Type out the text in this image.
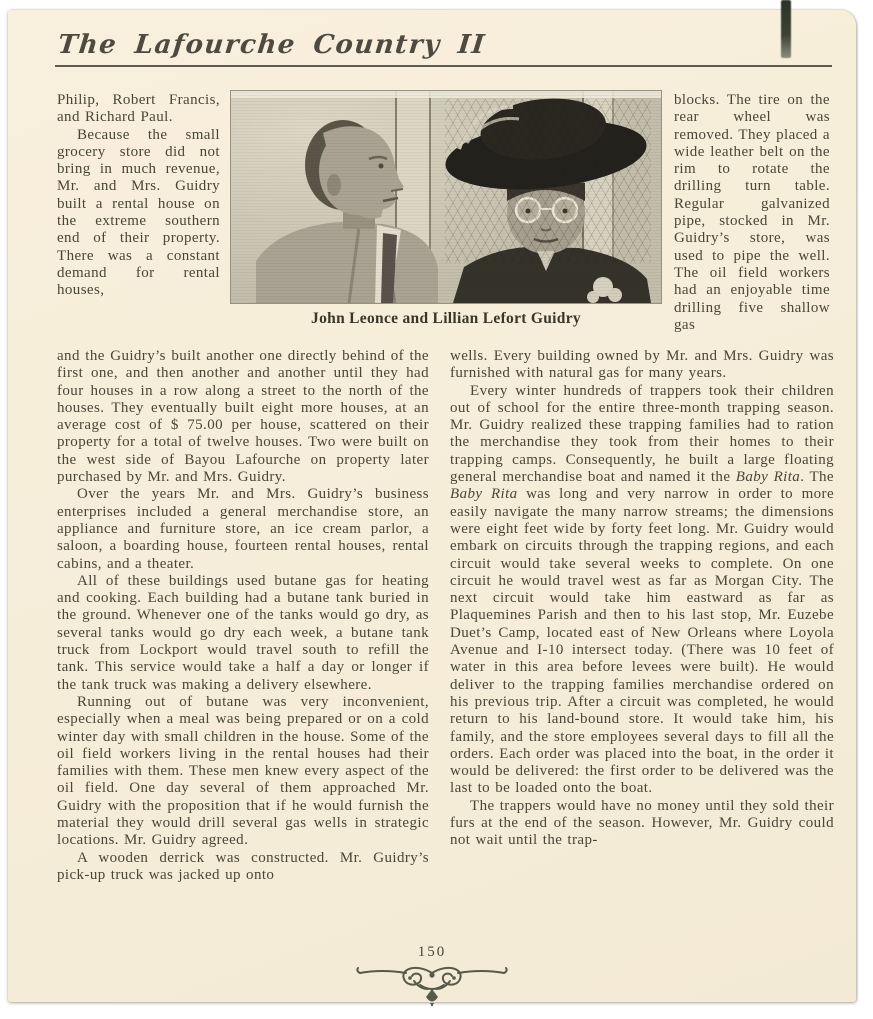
The Lafourche Country II

Philip, Robert Francis, and Richard Paul.

Because the small grocery store did not bring in much revenue, Mr. and Mrs. Guidry built a rental house on the extreme southern end of their property. There was a constant demand for rental houses,

John Leonce and Lillian Lefort Guidry

blocks. The tire on the rear wheel was removed. They placed a wide leather belt on the rim to rotate the drilling turn table. Regular galvanized pipe, stocked in Mr. Guidry’s store, was used to pipe the well. The oil field workers had an enjoyable time drilling five shallow gas

and the Guidry’s built another one directly behind of the first one, and then another and another until they had four houses in a row along a street to the north of the houses. They eventually built eight more houses, at an average cost of $ 75.00 per house, scattered on their property for a total of twelve houses. Two were built on the west side of Bayou Lafourche on property later purchased by Mr. and Mrs. Guidry.

Over the years Mr. and Mrs. Guidry’s business enterprises included a general merchandise store, an appliance and furniture store, an ice cream parlor, a saloon, a boarding house, fourteen rental houses, rental cabins, and a theater.

All of these buildings used butane gas for heating and cooking. Each building had a butane tank buried in the ground. Whenever one of the tanks would go dry, as several tanks would go dry each week, a butane tank truck from Lockport would travel south to refill the tank. This service would take a half a day or longer if the tank truck was making a delivery elsewhere.

Running out of butane was very inconvenient, especially when a meal was being prepared or on a cold winter day with small children in the house. Some of the oil field workers living in the rental houses had their families with them. These men knew every aspect of the oil field. One day several of them approached Mr. Guidry with the proposition that if he would furnish the material they would drill several gas wells in strategic locations. Mr. Guidry agreed.

A wooden derrick was constructed. Mr. Guidry’s pick-up truck was jacked up onto

wells. Every building owned by Mr. and Mrs. Guidry was furnished with natural gas for many years.

Every winter hundreds of trappers took their children out of school for the entire three-month trapping season. Mr. Guidry realized these trapping families had to ration the merchandise they took from their homes to their trapping camps. Consequently, he built a large floating general merchandise boat and named it the Baby Rita. The Baby Rita was long and very narrow in order to more easily navigate the many narrow streams; the dimensions were eight feet wide by forty feet long. Mr. Guidry would embark on circuits through the trapping regions, and each circuit would take several weeks to complete. On one circuit he would travel west as far as Morgan City. The next circuit would take him eastward as far as Plaquemines Parish and then to his last stop, Mr. Euzebe Duet’s Camp, located east of New Orleans where Loyola Avenue and I-10 intersect today. (There was 10 feet of water in this area before levees were built). He would deliver to the trapping families merchandise ordered on his previous trip. After a circuit was completed, he would return to his land-bound store. It would take him, his family, and the store employees several days to fill all the orders. Each order was placed into the boat, in the order it would be delivered: the first order to be delivered was the last to be loaded onto the boat.

The trappers would have no money until they sold their furs at the end of the season. However, Mr. Guidry could not wait until the trap-

150
